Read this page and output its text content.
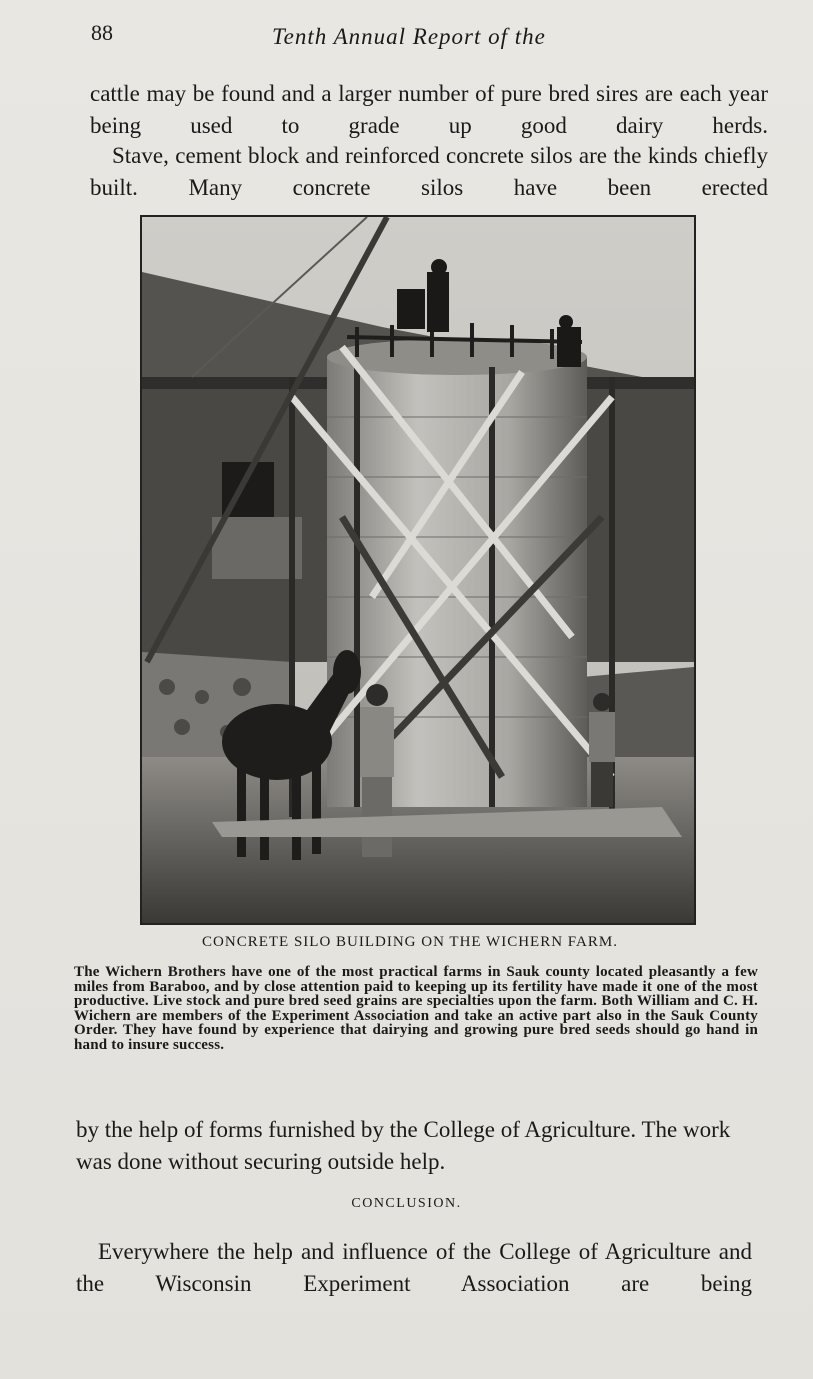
88	Tenth Annual Report of the
cattle may be found and a larger number of pure bred sires are each year being used to grade up good dairy herds.
Stave, cement block and reinforced concrete silos are the kinds chiefly built. Many concrete silos have been erected
CONCRETE SILO BUILDING ON THE WICHERN FARM.
The Wichern Brothers have one of the most practical farms in Sauk county located pleasantly a few miles from Baraboo, and by close attention paid to keeping up its fertility have made it one of the most productive. Live stock and pure bred seed grains are specialties upon the farm. Both William and C. H. Wichern are members of the Experiment Association and take an active part also in the Sauk County Order. They have found by experience that dairying and growing pure bred seeds should go hand in hand to insure success.
by the help of forms furnished by the College of Agriculture. The work was done without securing outside help.
CONCLUSION.
Everywhere the help and influence of the College of Agriculture and the Wisconsin Experiment Association are being
